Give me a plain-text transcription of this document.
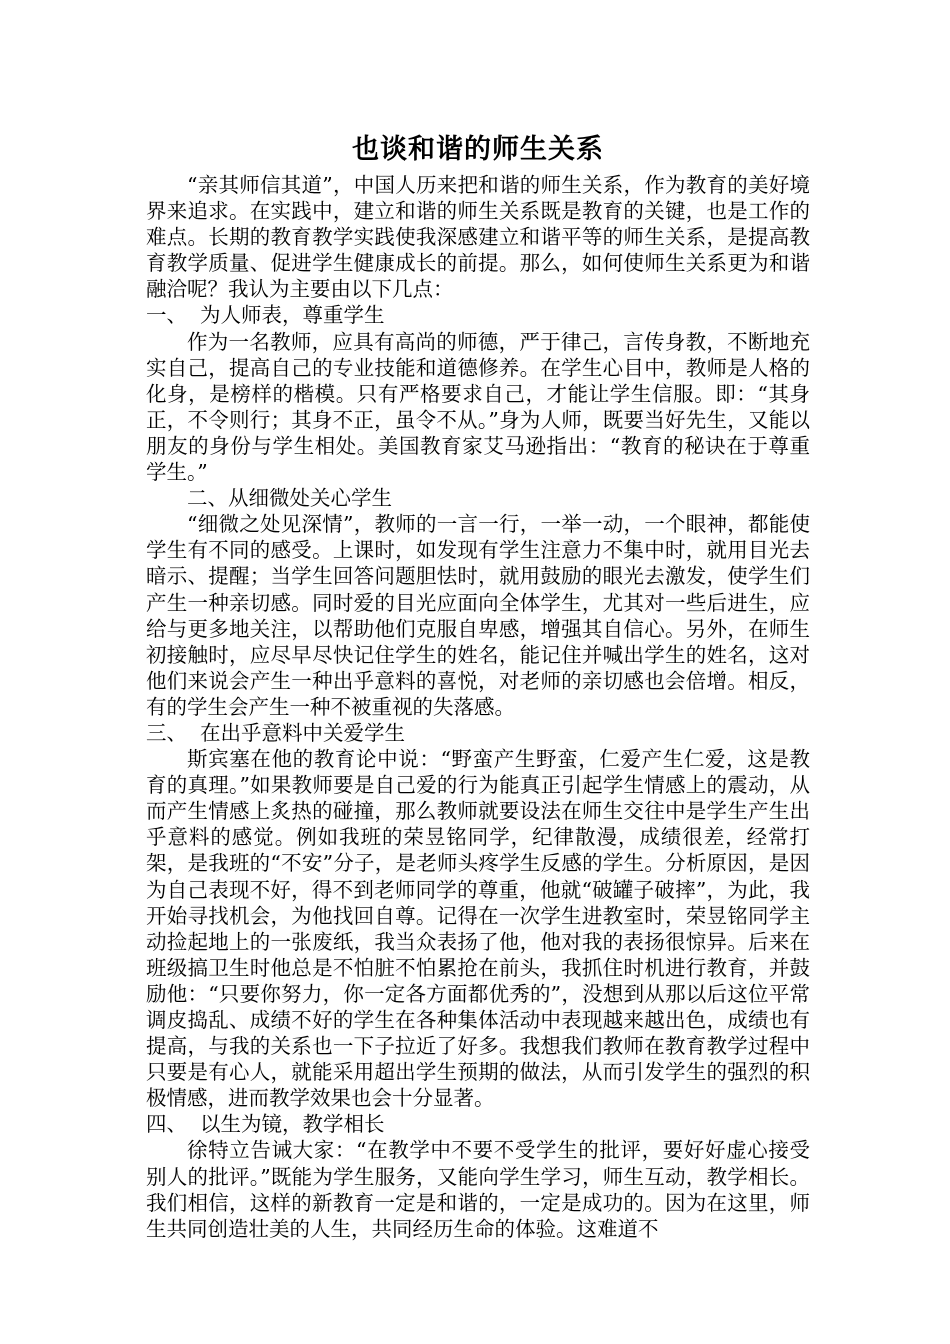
也谈和谐的师生关系

“亲其师信其道”，中国人历来把和谐的师生关系，作为教育的美好境界来追求。在实践中，建立和谐的师生关系既是教育的关键，也是工作的难点。长期的教育教学实践使我深感建立和谐平等的师生关系，是提高教育教学质量、促进学生健康成长的前提。那么，如何使师生关系更为和谐融洽呢？我认为主要由以下几点：

一、  为人师表，尊重学生

作为一名教师，应具有高尚的师德，严于律己，言传身教，不断地充实自己，提高自己的专业技能和道德修养。在学生心目中，教师是人格的化身，是榜样的楷模。只有严格要求自己，才能让学生信服。即：“其身正，不令则行；其身不正，虽令不从。”身为人师，既要当好先生，又能以朋友的身份与学生相处。美国教育家艾马逊指出：“教育的秘诀在于尊重学生。”

二、从细微处关心学生

“细微之处见深情”，教师的一言一行，一举一动，一个眼神，都能使学生有不同的感受。上课时，如发现有学生注意力不集中时，就用目光去暗示、提醒；当学生回答问题胆怯时，就用鼓励的眼光去激发，使学生们产生一种亲切感。同时爱的目光应面向全体学生，尤其对一些后进生，应给与更多地关注，以帮助他们克服自卑感，增强其自信心。另外，在师生初接触时，应尽早尽快记住学生的姓名，能记住并喊出学生的姓名，这对他们来说会产生一种出乎意料的喜悦，对老师的亲切感也会倍增。相反，有的学生会产生一种不被重视的失落感。

三、  在出乎意料中关爱学生

斯宾塞在他的教育论中说：“野蛮产生野蛮，仁爱产生仁爱，这是教育的真理。”如果教师要是自己爱的行为能真正引起学生情感上的震动，从而产生情感上炙热的碰撞，那么教师就要设法在师生交往中是学生产生出乎意料的感觉。例如我班的荣昱铭同学，纪律散漫，成绩很差，经常打架，是我班的“不安”分子，是老师头疼学生反感的学生。分析原因，是因为自己表现不好，得不到老师同学的尊重，他就“破罐子破摔”，为此，我开始寻找机会，为他找回自尊。记得在一次学生进教室时，荣昱铭同学主动捡起地上的一张废纸，我当众表扬了他，他对我的表扬很惊异。后来在班级搞卫生时他总是不怕脏不怕累抢在前头，我抓住时机进行教育，并鼓励他：“只要你努力，你一定各方面都优秀的”，没想到从那以后这位平常调皮捣乱、成绩不好的学生在各种集体活动中表现越来越出色，成绩也有提高，与我的关系也一下子拉近了好多。我想我们教师在教育教学过程中只要是有心人，就能采用超出学生预期的做法，从而引发学生的强烈的积极情感，进而教学效果也会十分显著。

四、  以生为镜，教学相长

徐特立告诫大家：“在教学中不要不受学生的批评，要好好虚心接受别人的批评。”既能为学生服务，又能向学生学习，师生互动，教学相长。我们相信，这样的新教育一定是和谐的，一定是成功的。因为在这里，师生共同创造壮美的人生，共同经历生命的体验。这难道不
